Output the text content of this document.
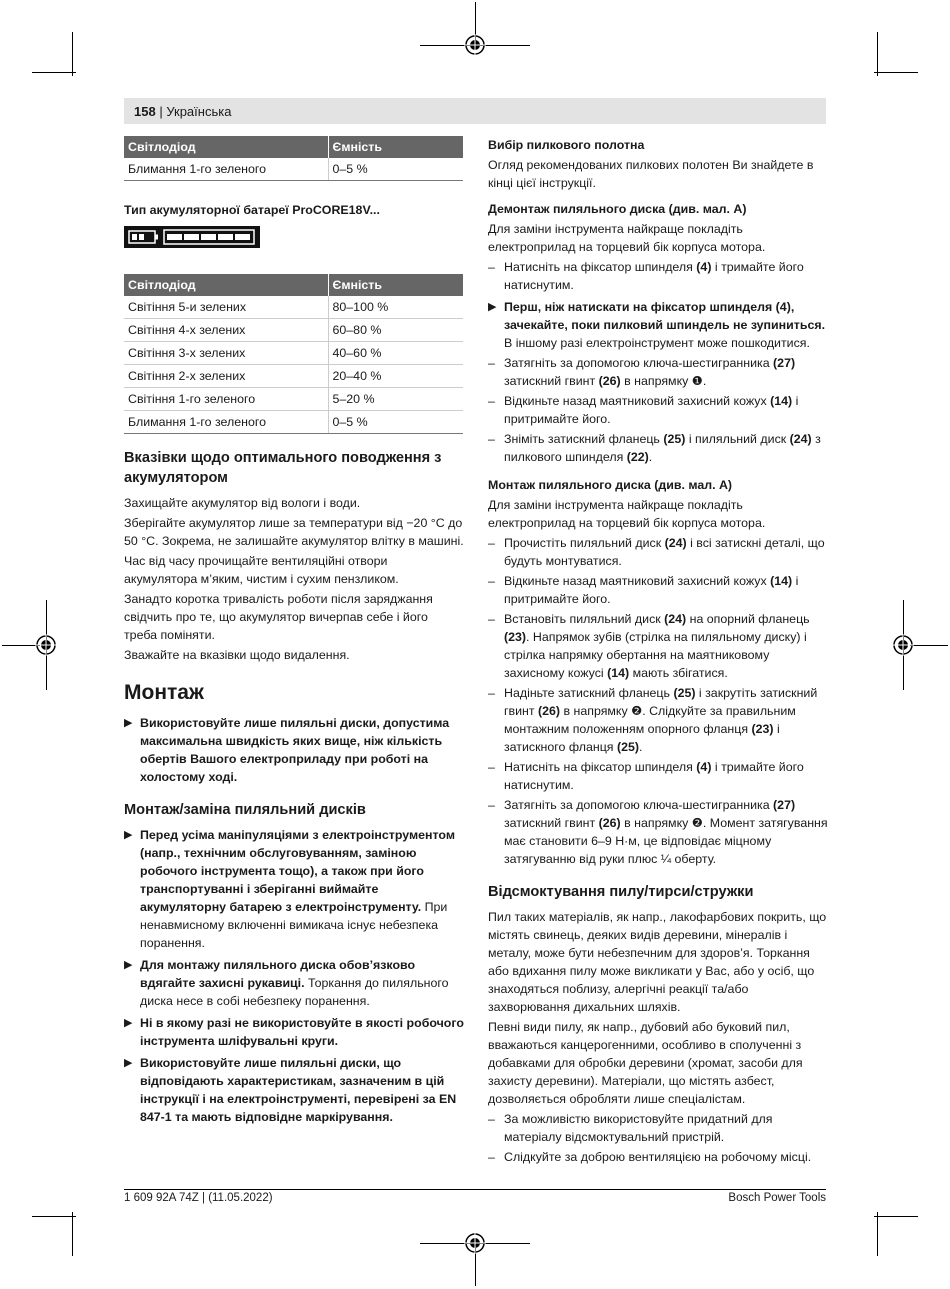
158 | Українська
Світлодіод	Ємність
Блимання 1-го зеленого	0–5 %
Тип акумуляторної батареї ProCORE18V...
Світлодіод	Ємність
Світіння 5-и зелених	80–100 %
Світіння 4-х зелених	60–80 %
Світіння 3-х зелених	40–60 %
Світіння 2-х зелених	20–40 %
Світіння 1-го зеленого	5–20 %
Блимання 1-го зеленого	0–5 %
Вказівки щодо оптимального поводження з акумулятором
Захищайте акумулятор від вологи і води.
Зберігайте акумулятор лише за температури від −20 °C до 50 °C. Зокрема, не залишайте акумулятор влітку в машині.
Час від часу прочищайте вентиляційні отвори акумулятора м’яким, чистим і сухим пензликом.
Занадто коротка тривалість роботи після заряджання свідчить про те, що акумулятор вичерпав себе і його треба поміняти.
Зважайте на вказівки щодо видалення.
Монтаж
▶ Використовуйте лише пиляльні диски, допустима максимальна швидкість яких вище, ніж кількість обертів Вашого електроприладу при роботі на холостому ході.
Монтаж/заміна пиляльний дисків
▶ Перед усіма маніпуляціями з електроінструментом (напр., технічним обслуговуванням, заміною робочого інструмента тощо), а також при його транспортуванні і зберіганні виймайте акумуляторну батарею з електроінструменту. При ненавмисному включенні вимикача існує небезпека поранення.
▶ Для монтажу пиляльного диска обов’язково вдягайте захисні рукавиці. Торкання до пиляльного диска несе в собі небезпеку поранення.
▶ Ні в якому разі не використовуйте в якості робочого інструмента шліфувальні круги.
▶ Використовуйте лише пиляльні диски, що відповідають характеристикам, зазначеним в цій інструкції і на електроінструменті, перевірені за EN 847-1 та мають відповідне маркірування.
Вибір пилкового полотна
Огляд рекомендованих пилкових полотен Ви знайдете в кінці цієї інструкції.
Демонтаж пиляльного диска (див. мал. А)
Для заміни інструмента найкраще покладіть електроприлад на торцевий бік корпуса мотора.
– Натисніть на фіксатор шпинделя (4) і тримайте його натиснутим.
▶ Перш, ніж натискати на фіксатор шпинделя (4), зачекайте, поки пилковий шпиндель не зупиниться. В іншому разі електроінструмент може пошкодитися.
– Затягніть за допомогою ключа-шестигранника (27) затискний гвинт (26) в напрямку ❶.
– Відкиньте назад маятниковий захисний кожух (14) і притримайте його.
– Зніміть затискний фланець (25) і пиляльний диск (24) з пилкового шпинделя (22).
Монтаж пиляльного диска (див. мал. А)
Для заміни інструмента найкраще покладіть електроприлад на торцевий бік корпуса мотора.
– Прочистіть пиляльний диск (24) і всі затискні деталі, що будуть монтуватися.
– Відкиньте назад маятниковий захисний кожух (14) і притримайте його.
– Встановіть пиляльний диск (24) на опорний фланець (23). Напрямок зубів (стрілка на пиляльному диску) і стрілка напрямку обертання на маятниковому захисному кожусі (14) мають збігатися.
– Надіньте затискний фланець (25) і закрутіть затискний гвинт (26) в напрямку ❷. Слідкуйте за правильним монтажним положенням опорного фланця (23) і затискного фланця (25).
– Натисніть на фіксатор шпинделя (4) і тримайте його натиснутим.
– Затягніть за допомогою ключа-шестигранника (27) затискний гвинт (26) в напрямку ❷. Момент затягування має становити 6–9 Н·м, це відповідає міцному затягуванню від руки плюс ¼ оберту.
Відсмоктування пилу/тирси/стружки
Пил таких матеріалів, як напр., лакофарбових покрить, що містять свинець, деяких видів деревини, мінералів і металу, може бути небезпечним для здоров’я. Торкання або вдихання пилу може викликати у Вас, або у осіб, що знаходяться поблизу, алергічні реакції та/або захворювання дихальних шляхів.
Певні види пилу, як напр., дубовий або буковий пил, вважаються канцерогенними, особливо в сполученні з добавками для обробки деревини (хромат, засоби для захисту деревини). Матеріали, що містять азбест, дозволяється обробляти лише спеціалістам.
– За можливістю використовуйте придатний для матеріалу відсмоктувальний пристрій.
– Слідкуйте за доброю вентиляцією на робочому місці.
1 609 92A 74Z | (11.05.2022)	Bosch Power Tools
